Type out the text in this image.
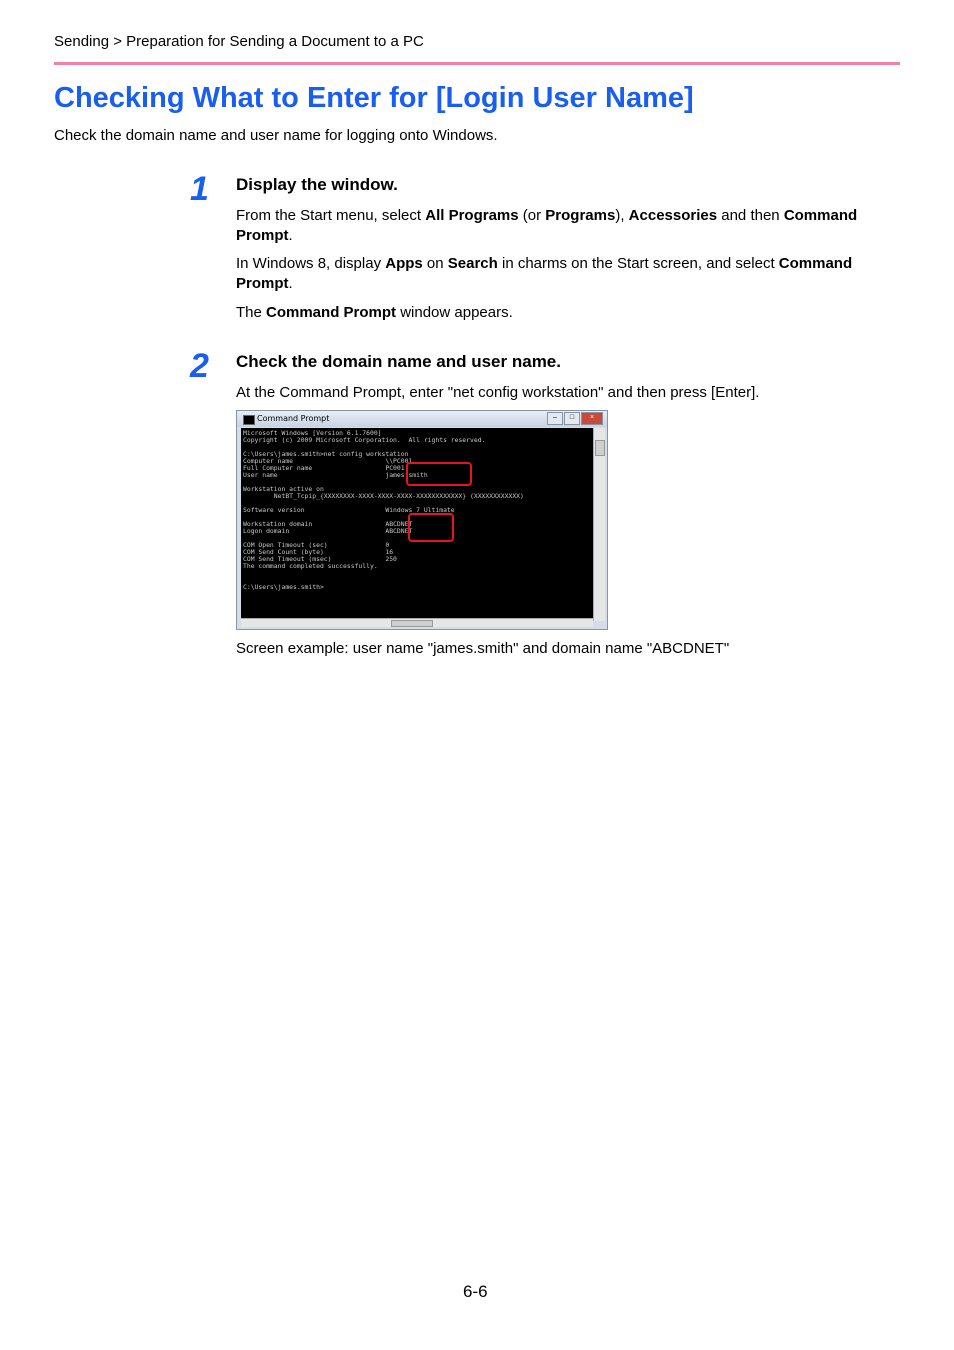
Sending > Preparation for Sending a Document to a PC
Checking What to Enter for [Login User Name]
Check the domain name and user name for logging onto Windows.
1 Display the window.
From the Start menu, select All Programs (or Programs), Accessories and then Command Prompt.
In Windows 8, display Apps on Search in charms on the Start screen, and select Command Prompt.
The Command Prompt window appears.
2 Check the domain name and user name.
At the Command Prompt, enter "net config workstation" and then press [Enter].
Command Prompt	–	□	×
Microsoft Windows [Version 6.1.7600]
Copyright (c) 2009 Microsoft Corporation.  All rights reserved.

C:\Users\james.smith>net config workstation
Computer name                        \\PC001
Full Computer name                   PC001
User name                            james.smith

Workstation active on
NetBT_Tcpip_{XXXXXXXX-XXXX-XXXX-XXXX-XXXXXXXXXXXX} (XXXXXXXXXXXX)

Software version                     Windows 7 Ultimate

Workstation domain                   ABCDNET
Logon domain                         ABCDNET

COM Open Timeout (sec)               0
COM Send Count (byte)                16
COM Send Timeout (msec)              250
The command completed successfully.

C:\Users\james.smith>
Screen example: user name "james.smith" and domain name "ABCDNET"
6-6
